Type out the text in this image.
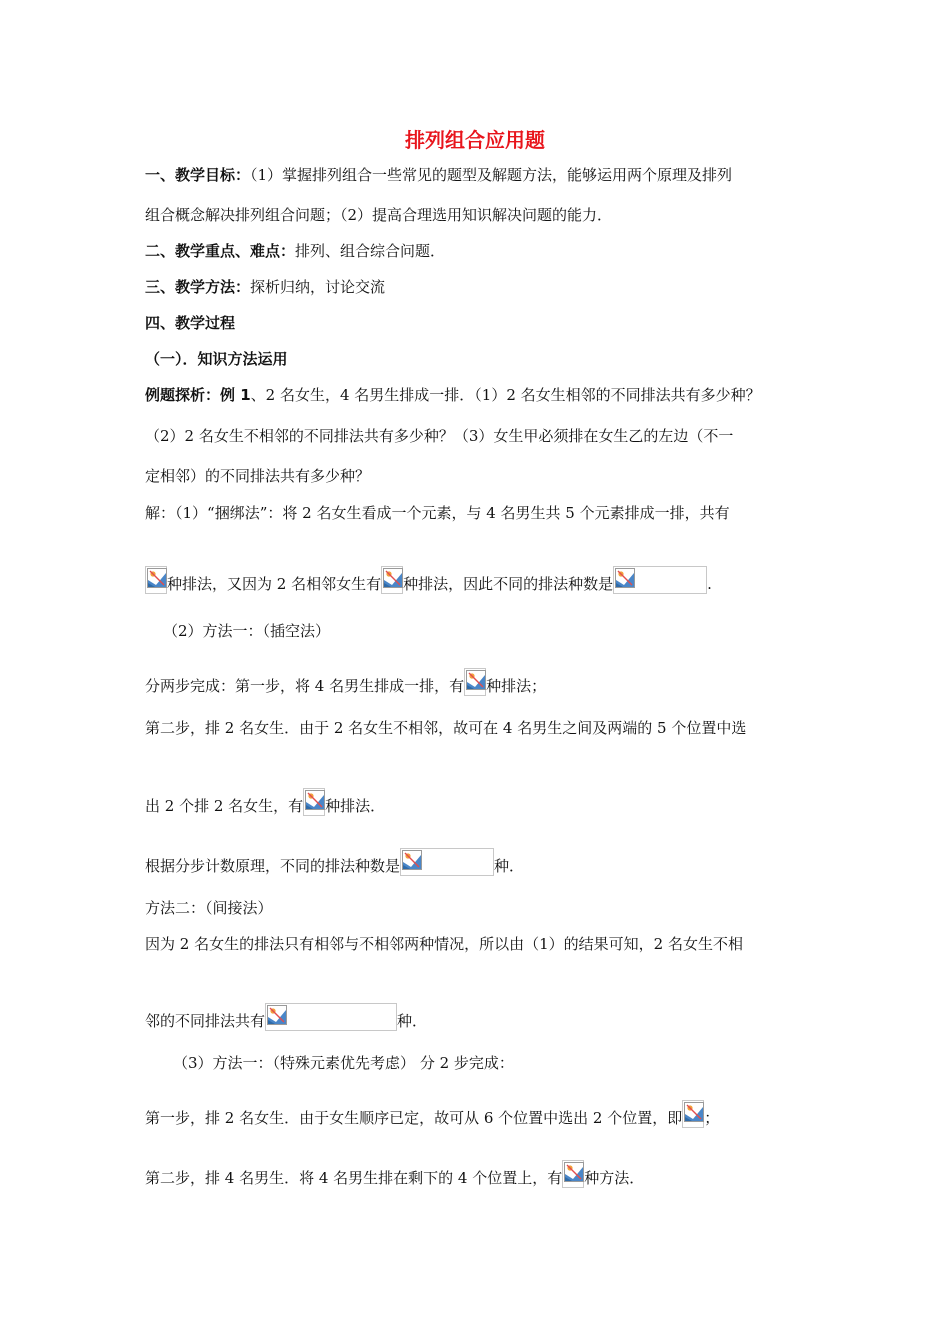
排列组合应用题
一、教学目标：（1）掌握排列组合一些常见的题型及解题方法，能够运用两个原理及排列
组合概念解决排列组合问题；（2）提高合理选用知识解决问题的能力．
二、教学重点、难点：排列、组合综合问题．
三、教学方法：探析归纳，讨论交流
四、教学过程
（一）．知识方法运用
例题探析：例 1、2 名女生，4 名男生排成一排．（1）2 名女生相邻的不同排法共有多少种？
（2）2 名女生不相邻的不同排法共有多少种？（3）女生甲必须排在女生乙的左边（不一
定相邻）的不同排法共有多少种？
解：（1）“捆绑法”：将 2 名女生看成一个元素，与 4 名男生共 5 个元素排成一排，共有
种排法，又因为 2 名相邻女生有 种排法，因此不同的排法种数是	.
（2）方法一：（插空法）
分两步完成：第一步，将 4 名男生排成一排，有 种排法；
第二步，排 2 名女生．由于 2 名女生不相邻，故可在 4 名男生之间及两端的 5 个位置中选
出 2 个排 2 名女生，有 种排法．
根据分步计数原理，不同的排法种数是	种．
方法二：（间接法）
因为 2 名女生的排法只有相邻与不相邻两种情况，所以由（1）的结果可知，2 名女生不相
邻的不同排法共有	种．
（3）方法一：（特殊元素优先考虑） 分 2 步完成：
第一步，排 2 名女生．由于女生顺序已定，故可从 6 个位置中选出 2 个位置，即 ；
第二步，排 4 名男生．将 4 名男生排在剩下的 4 个位置上，有 种方法．
